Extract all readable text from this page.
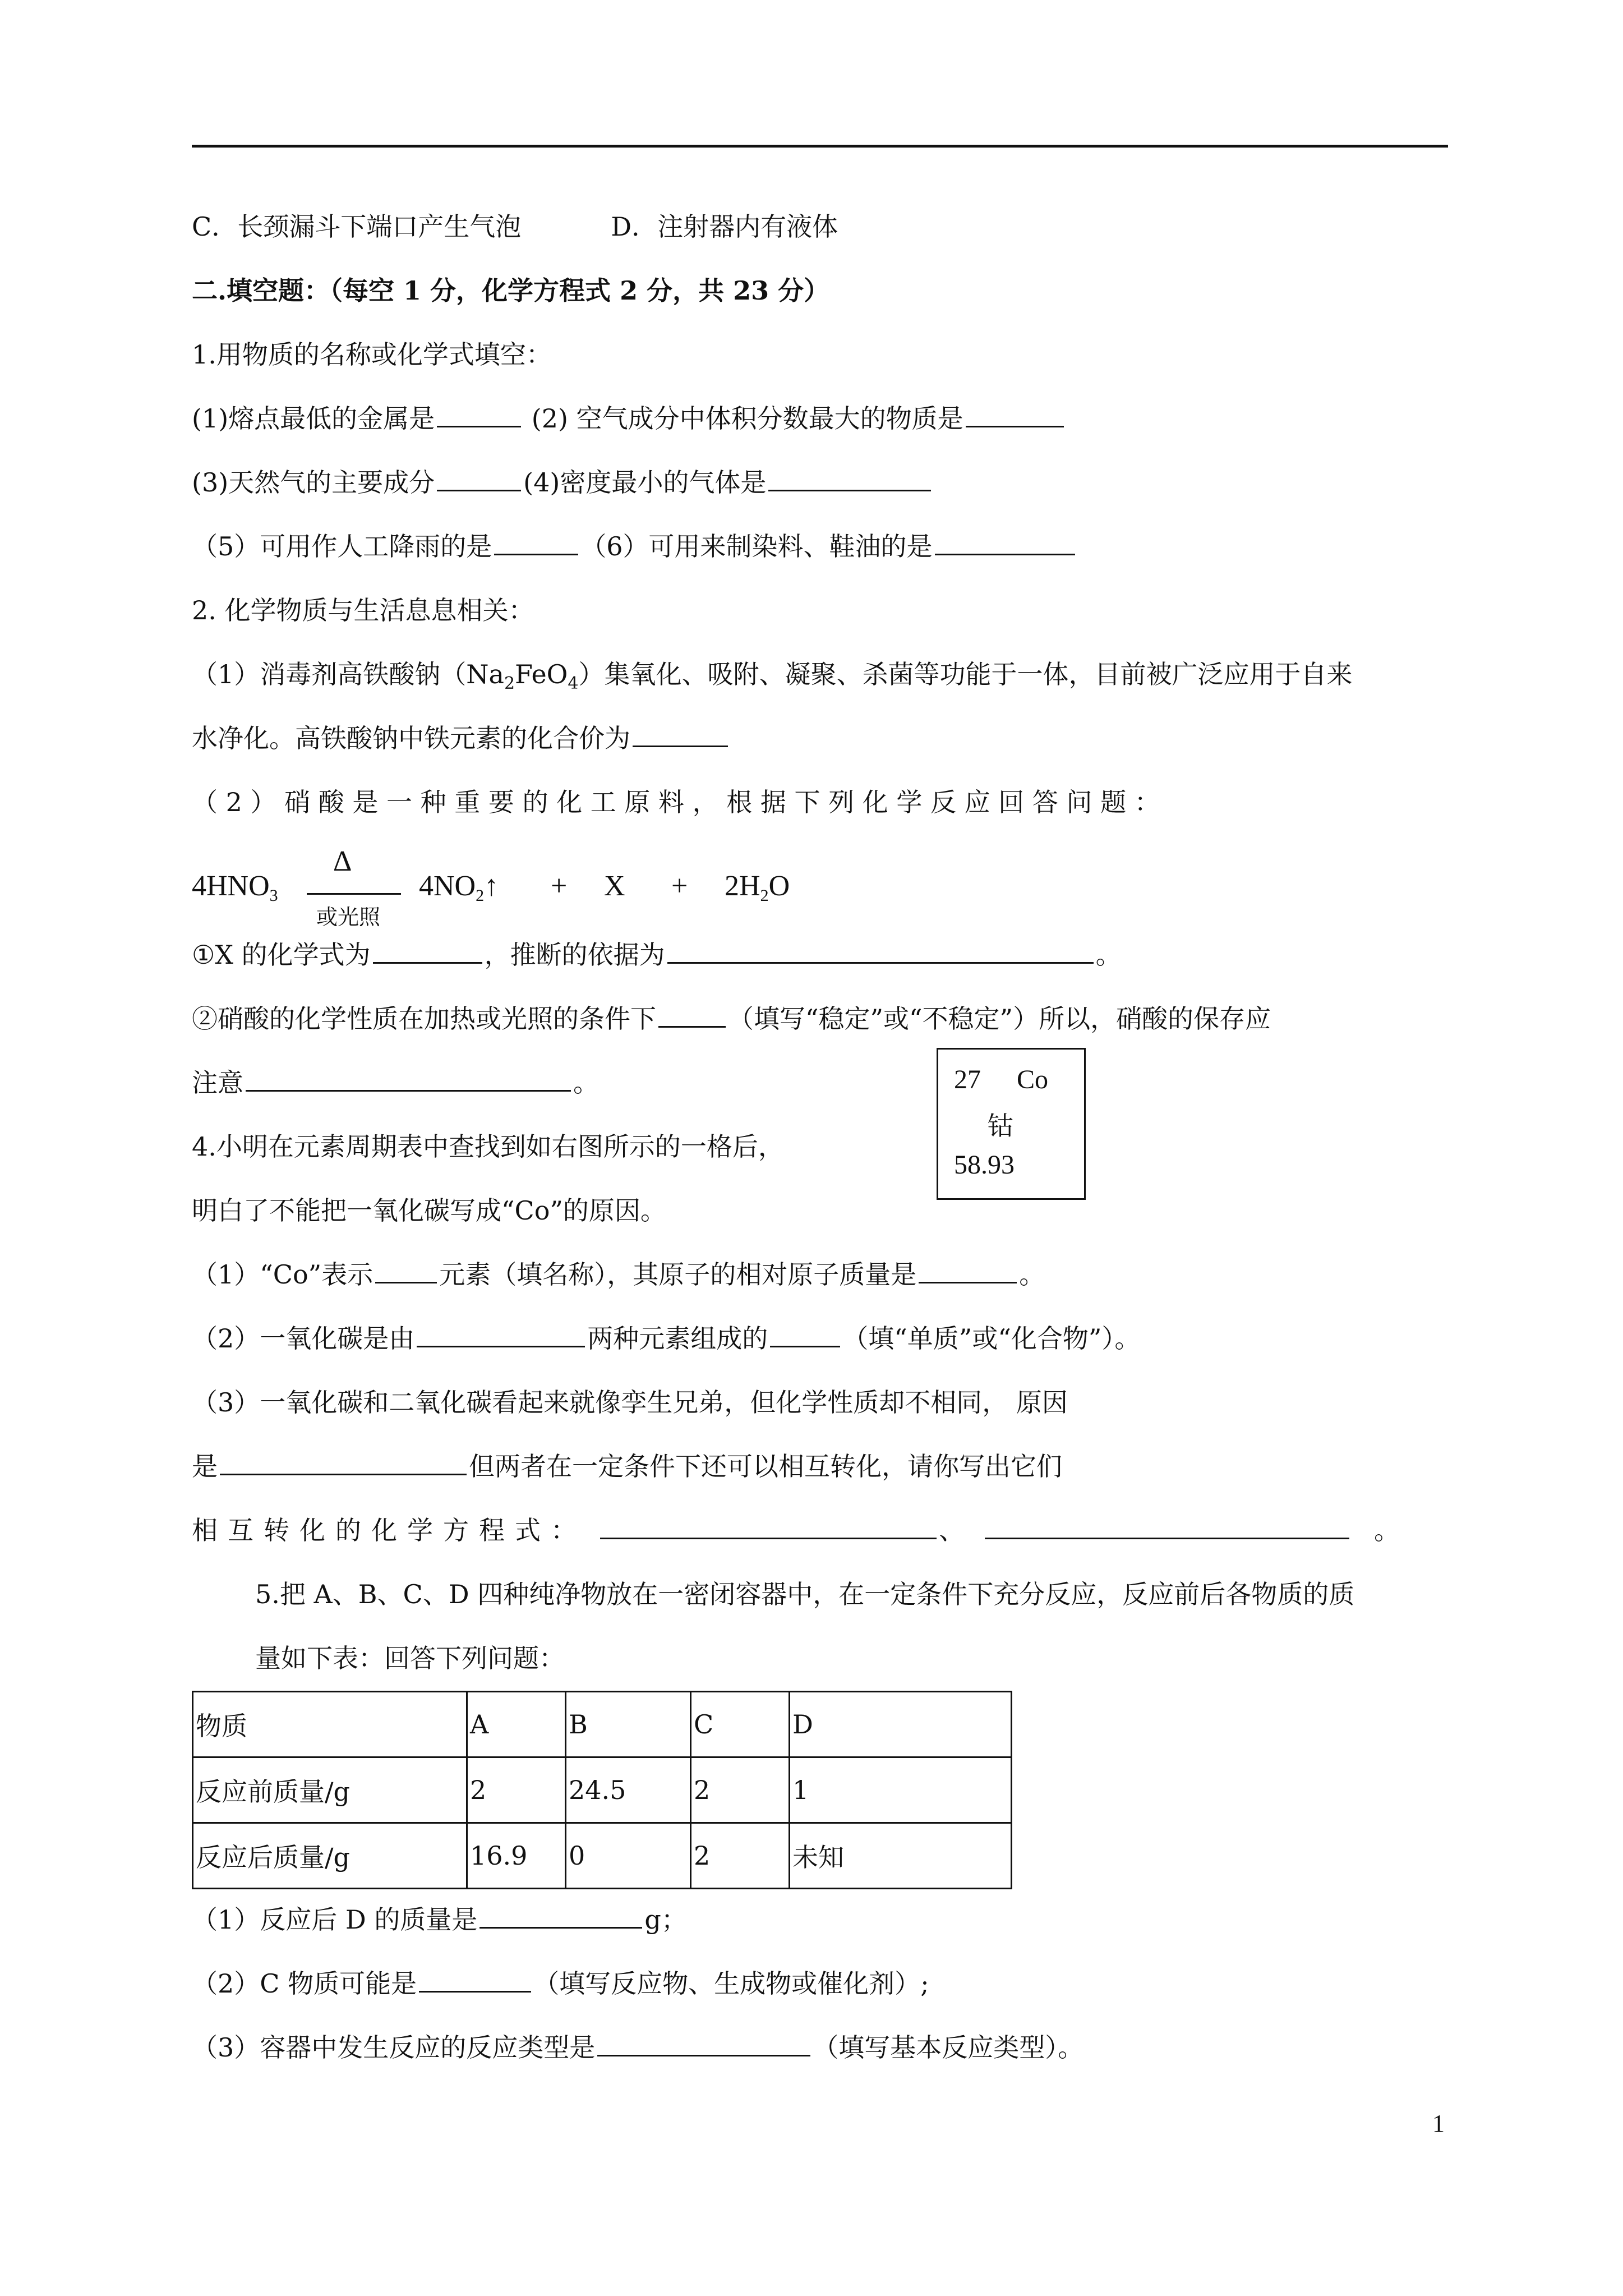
C．长颈漏斗下端口产生气泡	D．注射器内有液体
二.填空题：（每空 1 分，化学方程式 2 分，共 23 分）
1.用物质的名称或化学式填空：
(1)熔点最低的金属是	(2) 空气成分中体积分数最大的物质是
(3)天然气的主要成分	(4)密度最小的气体是
（5）可用作人工降雨的是	（6）可用来制染料、鞋油的是
2. 化学物质与生活息息相关：
（1）消毒剂高铁酸钠$(Na_2FeO_4)$集氧化、吸附、凝聚、杀菌等功能于一体，目前被广泛应用于自来
水净化。高铁酸钠中铁元素的化合价为
（ 2 ） 硝 酸 是 一 种 重 要 的 化 工 原 料 ， 根 据 下 列 化 学 反 应 回 答 问 题 ：
$4HNO_3$
Δ
或光照
$4NO_2↑ + X + 2H_2O$
①X 的化学式为	，推断的依据为	。
②硝酸的化学性质在加热或光照的条件下	（填写“稳定”或“不稳定”）所以，硝酸的保存应
注意	。	27 Co
钴
58.93
4.小明在元素周期表中查找到如右图所示的一格后，
明白了不能把一氧化碳写成“Co”的原因。
（1）“Co”表示	元素（填名称），其原子的相对原子质量是	。
（2）一氧化碳是由	两种元素组成的	（填“单质”或“化合物”）。
（3）一氧化碳和二氧化碳看起来就像孪生兄弟，但化学性质却不相同， 原因
是	但两者在一定条件下还可以相互转化，请你写出它们
相互转化的化学方程式：	、	。
5.把 A、B、C、D 四种纯净物放在一密闭容器中，在一定条件下充分反应，反应前后各物质的质
量如下表：回答下列问题：
物质	A	B	C	D
反应前质量/g	2	24.5	2	1
反应后质量/g	16.9	0	2	未知
（1）反应后 D 的质量是	g；
（2）C 物质可能是	（填写反应物、生成物或催化剂）;
（3）容器中发生反应的反应类型是	（填写基本反应类型）。
1
